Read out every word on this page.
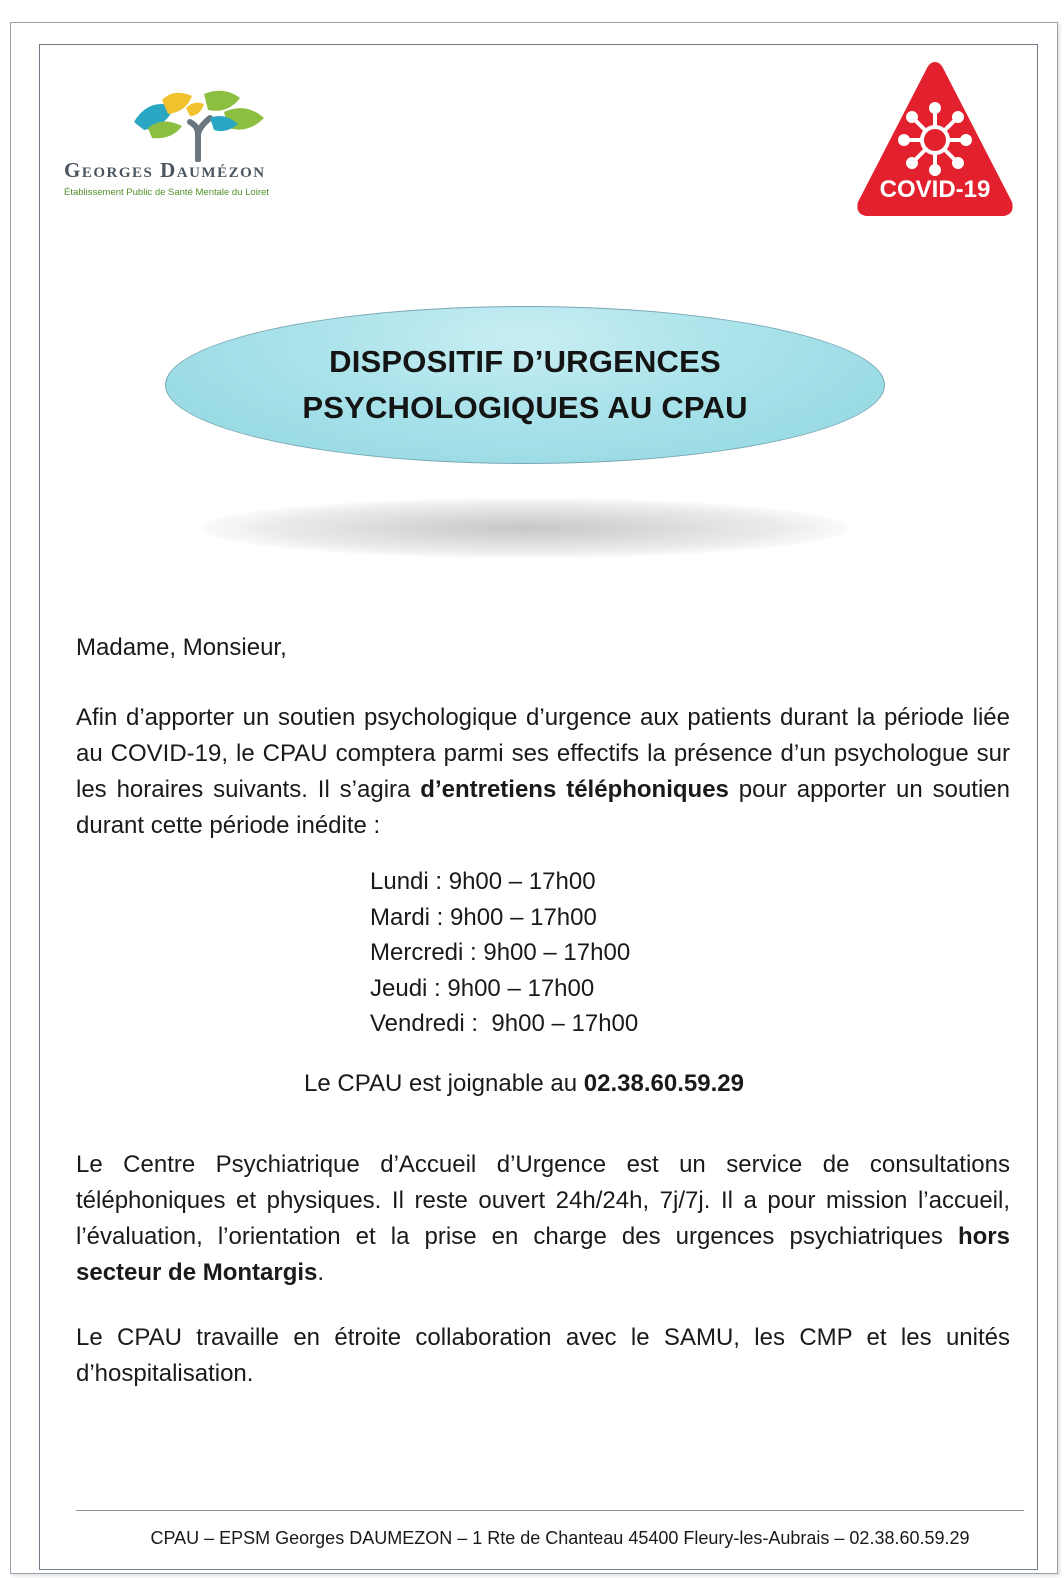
Georges Daumézon
Établissement Public de Santé Mentale du Loiret	COVID-19
DISPOSITIF D’URGENCES
PSYCHOLOGIQUES AU CPAU
Madame, Monsieur,
Afin d’apporter un soutien psychologique d’urgence aux patients durant la période liée au COVID-19, le CPAU comptera parmi ses effectifs la présence d’un psychologue sur les horaires suivants. Il s’agira d’entretiens téléphoniques pour apporter un soutien durant cette période inédite :
Lundi : 9h00 – 17h00
Mardi : 9h00 – 17h00
Mercredi : 9h00 – 17h00
Jeudi : 9h00 – 17h00
Vendredi :  9h00 – 17h00
Le CPAU est joignable au 02.38.60.59.29
Le Centre Psychiatrique d’Accueil d’Urgence est un service de consultations téléphoniques et physiques. Il reste ouvert 24h/24h, 7j/7j. Il a pour mission l’accueil, l’évaluation, l’orientation et la prise en charge des urgences psychiatriques hors secteur de Montargis.
Le CPAU travaille en étroite collaboration avec le SAMU, les CMP et les unités d’hospitalisation.
CPAU – EPSM Georges DAUMEZON – 1 Rte de Chanteau 45400 Fleury-les-Aubrais – 02.38.60.59.29
